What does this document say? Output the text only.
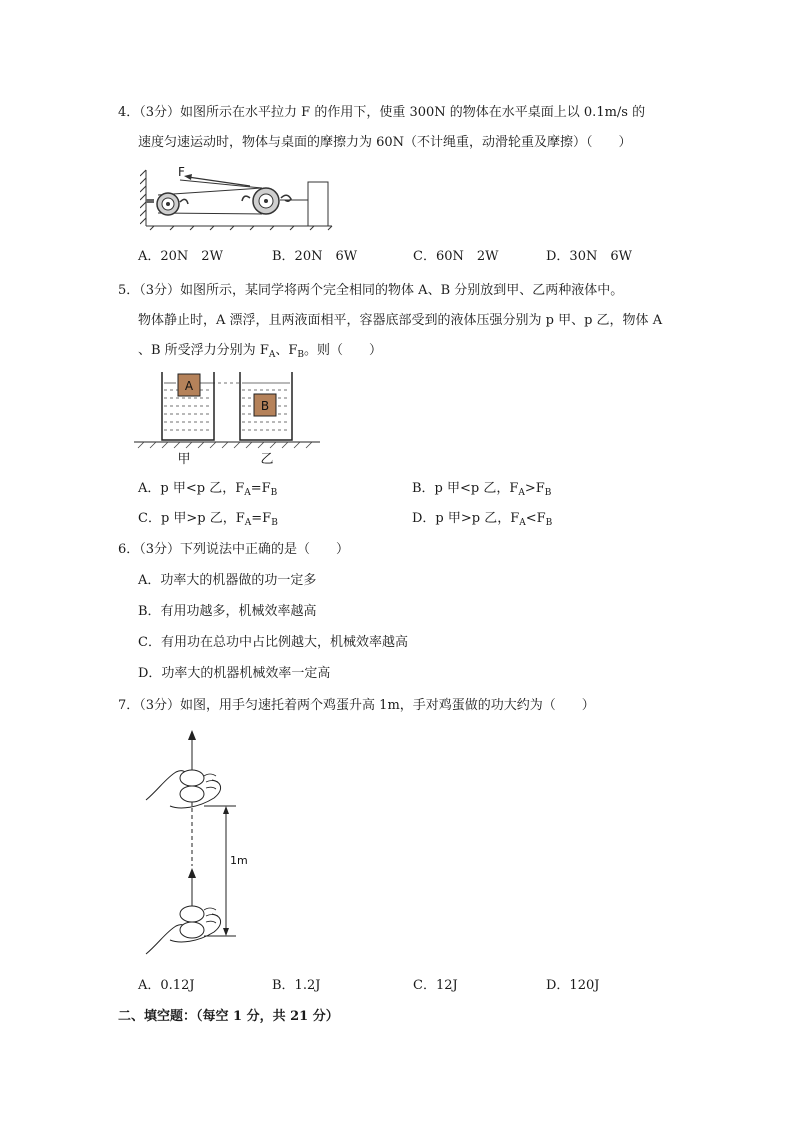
4．（3分）如图所示在水平拉力 F 的作用下，使重 300N 的物体在水平桌面上以 0.1m/s 的
速度匀速运动时，物体与桌面的摩擦力为 60N（不计绳重，动滑轮重及摩擦）（　　）
F
A．20N　2W	B．20N　6W	C．60N　2W	D．30N　6W
5．（3分）如图所示，某同学将两个完全相同的物体 A、B 分别放到甲、乙两种液体中。
物体静止时，A 漂浮，且两液面相平，容器底部受到的液体压强分别为 p 甲、p 乙，物体 A
、B 所受浮力分别为 $F_A$、$F_B$。则（　　）
A
B
甲	乙
A．p 甲<p 乙，$F_A=F_B$	B．p 甲<p 乙，$F_A>F_B$
C．p 甲>p 乙，$F_A=F_B$	D．p 甲>p 乙，$F_A<F_B$
6．（3分）下列说法中正确的是（　　）
A．功率大的机器做的功一定多
B．有用功越多，机械效率越高
C．有用功在总功中占比例越大，机械效率越高
D．功率大的机器机械效率一定高
7．（3分）如图，用手匀速托着两个鸡蛋升高 1m，手对鸡蛋做的功大约为（　　）
1m
A．0.12J	B．1.2J	C．12J	D．120J
二、填空题：（每空 1 分，共 21 分）
